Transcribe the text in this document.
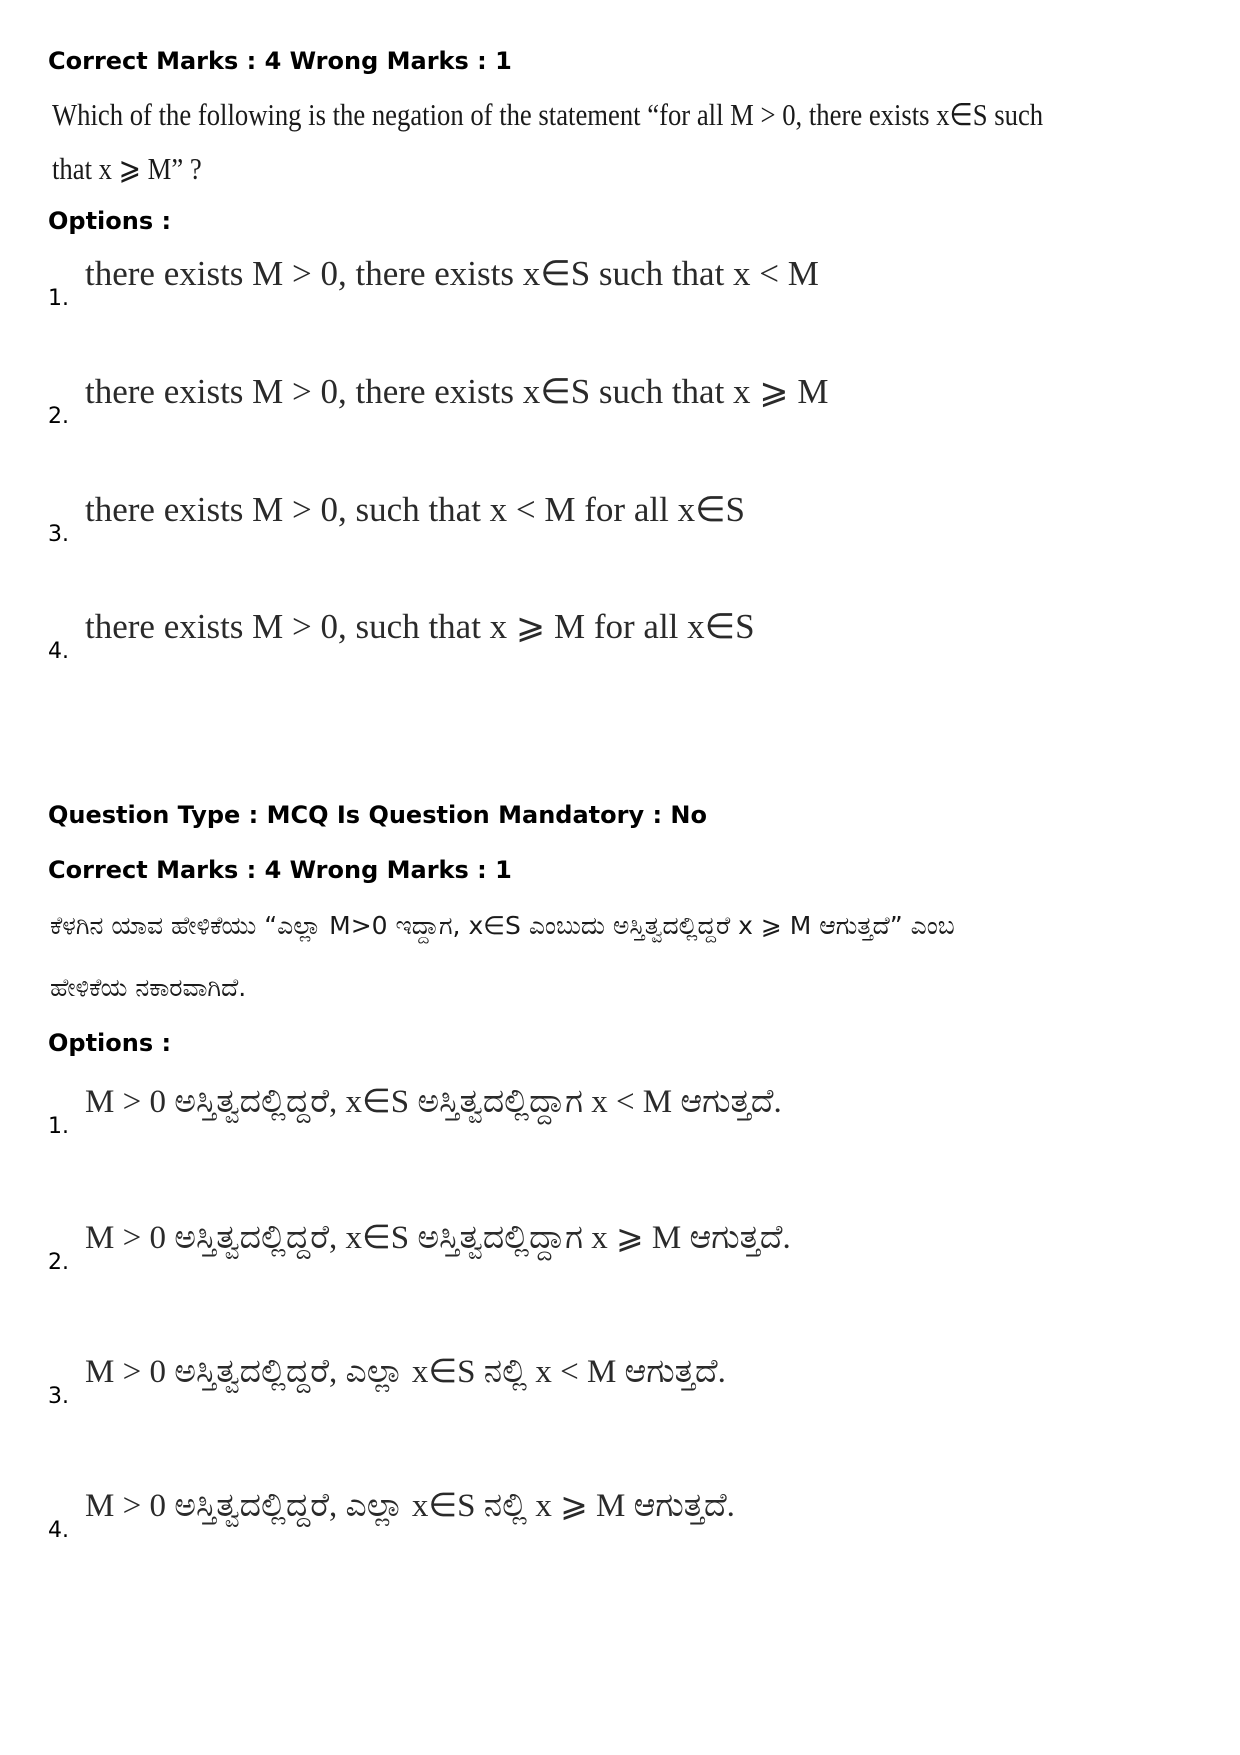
Correct Marks : 4 Wrong Marks : 1
Which of the following is the negation of the statement “for all M > 0, there exists x∈S such
that x ⩾ M” ?
Options :
1.
there exists M > 0, there exists x∈S such that x < M
2.
there exists M > 0, there exists x∈S such that x ⩾ M
3.
there exists M > 0, such that x < M for all x∈S
4.
there exists M > 0, such that x ⩾ M for all x∈S
Question Type : MCQ Is Question Mandatory : No
Correct Marks : 4 Wrong Marks : 1
ಕೆಳಗಿನ ಯಾವ ಹೇಳಿಕೆಯು “ಎಲ್ಲಾ M>0 ಇದ್ದಾಗ, x∈S ಎಂಬುದು ಅಸ್ತಿತ್ವದಲ್ಲಿದ್ದರೆ x ⩾ M ಆಗುತ್ತದೆ” ಎಂಬ
ಹೇಳಿಕೆಯ ನಕಾರವಾಗಿದೆ.
Options :
1.
M > 0 ಅಸ್ತಿತ್ವದಲ್ಲಿದ್ದರೆ, x∈S ಅಸ್ತಿತ್ವದಲ್ಲಿದ್ದಾಗ x < M ಆಗುತ್ತದೆ.
2.
M > 0 ಅಸ್ತಿತ್ವದಲ್ಲಿದ್ದರೆ, x∈S ಅಸ್ತಿತ್ವದಲ್ಲಿದ್ದಾಗ x ⩾ M ಆಗುತ್ತದೆ.
3.
M > 0 ಅಸ್ತಿತ್ವದಲ್ಲಿದ್ದರೆ, ಎಲ್ಲಾ x∈S ನಲ್ಲಿ x < M ಆಗುತ್ತದೆ.
4.
M > 0 ಅಸ್ತಿತ್ವದಲ್ಲಿದ್ದರೆ, ಎಲ್ಲಾ x∈S ನಲ್ಲಿ x ⩾ M ಆಗುತ್ತದೆ.
